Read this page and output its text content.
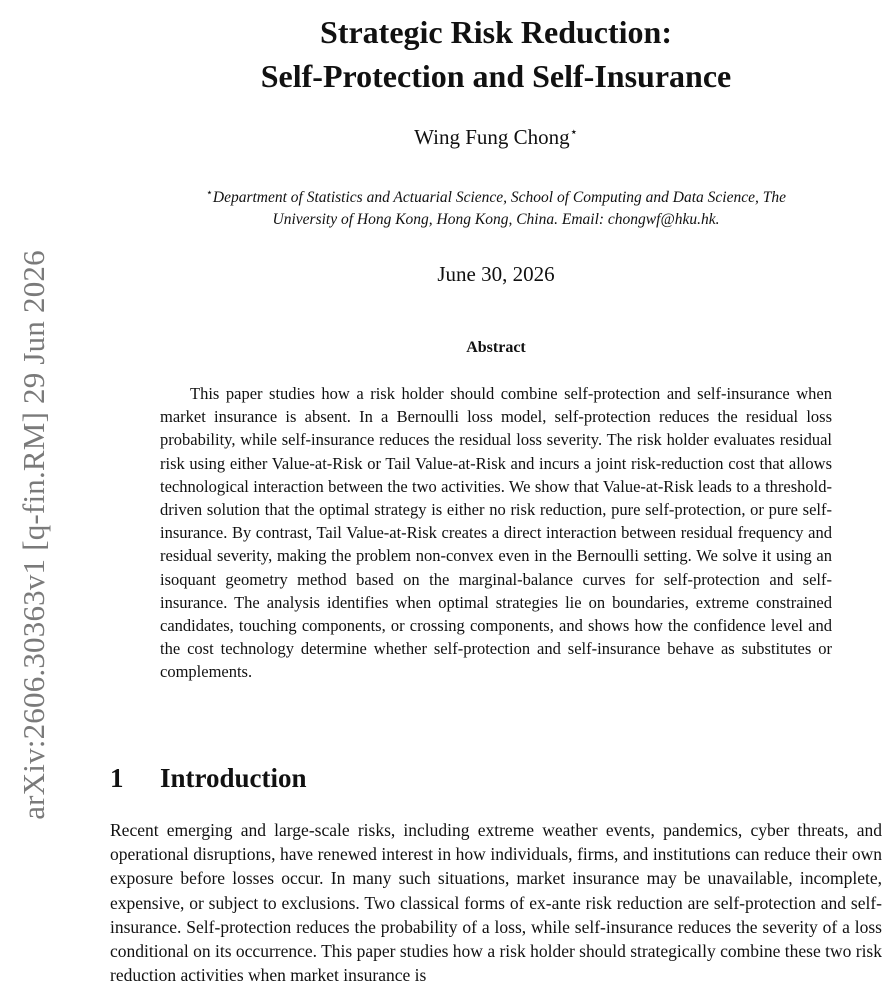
arXiv:2606.30363v1 [q-fin.RM] 29 Jun 2026
Strategic Risk Reduction:
Self-Protection and Self-Insurance
Wing Fung Chong⋆
⋆Department of Statistics and Actuarial Science, School of Computing and Data Science, The
University of Hong Kong, Hong Kong, China. Email: chongwf@hku.hk.
June 30, 2026
Abstract

This paper studies how a risk holder should combine self-protection and self-insurance when market insurance is absent. In a Bernoulli loss model, self-protection reduces the residual loss probability, while self-insurance reduces the residual loss severity. The risk holder evaluates residual risk using either Value-at-Risk or Tail Value-at-Risk and incurs a joint risk-reduction cost that allows technological interaction between the two activities. We show that Value-at-Risk leads to a threshold-driven solution that the optimal strategy is either no risk reduction, pure self-protection, or pure self-insurance. By contrast, Tail Value-at-Risk creates a direct interaction between residual frequency and residual severity, making the problem non-convex even in the Bernoulli setting. We solve it using an isoquant geometry method based on the marginal-balance curves for self-protection and self-insurance. The analysis identifies when optimal strategies lie on boundaries, extreme constrained candidates, touching components, or crossing components, and shows how the confidence level and the cost technology determine whether self-protection and self-insurance behave as substitutes or complements.

1 Introduction

Recent emerging and large-scale risks, including extreme weather events, pandemics, cyber threats, and operational disruptions, have renewed interest in how individuals, firms, and institutions can reduce their own exposure before losses occur. In many such situations, market insurance may be unavailable, incomplete, expensive, or subject to exclusions. Two classical forms of ex-ante risk reduction are self-protection and self-insurance. Self-protection reduces the probability of a loss, while self-insurance reduces the severity of a loss conditional on its occurrence. This paper studies how a risk holder should strategically combine these two risk reduction activities when market insurance is
